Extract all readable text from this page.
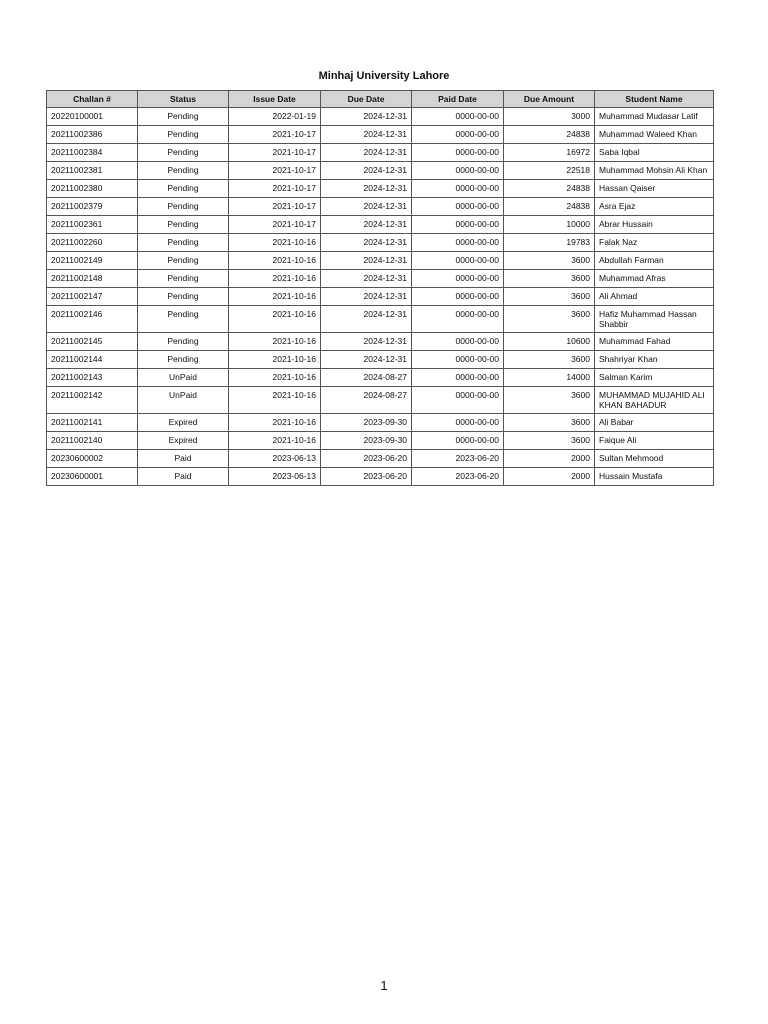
Minhaj University Lahore
Challan #	Status	Issue Date	Due Date	Paid Date	Due Amount	Student Name
20220100001	Pending	2022-01-19	2024-12-31	0000-00-00	3000	Muhammad Mudasar Latif
20211002386	Pending	2021-10-17	2024-12-31	0000-00-00	24838	Muhammad Waleed Khan
20211002384	Pending	2021-10-17	2024-12-31	0000-00-00	16972	Saba Iqbal
20211002381	Pending	2021-10-17	2024-12-31	0000-00-00	22518	Muhammad Mohsin Ali Khan
20211002380	Pending	2021-10-17	2024-12-31	0000-00-00	24838	Hassan Qaiser
20211002379	Pending	2021-10-17	2024-12-31	0000-00-00	24838	Asra Ejaz
20211002361	Pending	2021-10-17	2024-12-31	0000-00-00	10000	Abrar Hussain
20211002260	Pending	2021-10-16	2024-12-31	0000-00-00	19783	Falak Naz
20211002149	Pending	2021-10-16	2024-12-31	0000-00-00	3600	Abdullah Farman
20211002148	Pending	2021-10-16	2024-12-31	0000-00-00	3600	Muhammad Afras
20211002147	Pending	2021-10-16	2024-12-31	0000-00-00	3600	Ali Ahmad
20211002146	Pending	2021-10-16	2024-12-31	0000-00-00	3600	Hafiz Muhammad Hassan Shabbir
20211002145	Pending	2021-10-16	2024-12-31	0000-00-00	10600	Muhammad Fahad
20211002144	Pending	2021-10-16	2024-12-31	0000-00-00	3600	Shahriyar Khan
20211002143	UnPaid	2021-10-16	2024-08-27	0000-00-00	14000	Salman Karim
20211002142	UnPaid	2021-10-16	2024-08-27	0000-00-00	3600	MUHAMMAD MUJAHID ALI KHAN BAHADUR
20211002141	Expired	2021-10-16	2023-09-30	0000-00-00	3600	Ali Babar
20211002140	Expired	2021-10-16	2023-09-30	0000-00-00	3600	Faique Ali
20230600002	Paid	2023-06-13	2023-06-20	2023-06-20	2000	Sultan Mehmood
20230600001	Paid	2023-06-13	2023-06-20	2023-06-20	2000	Hussain Mustafa
1
